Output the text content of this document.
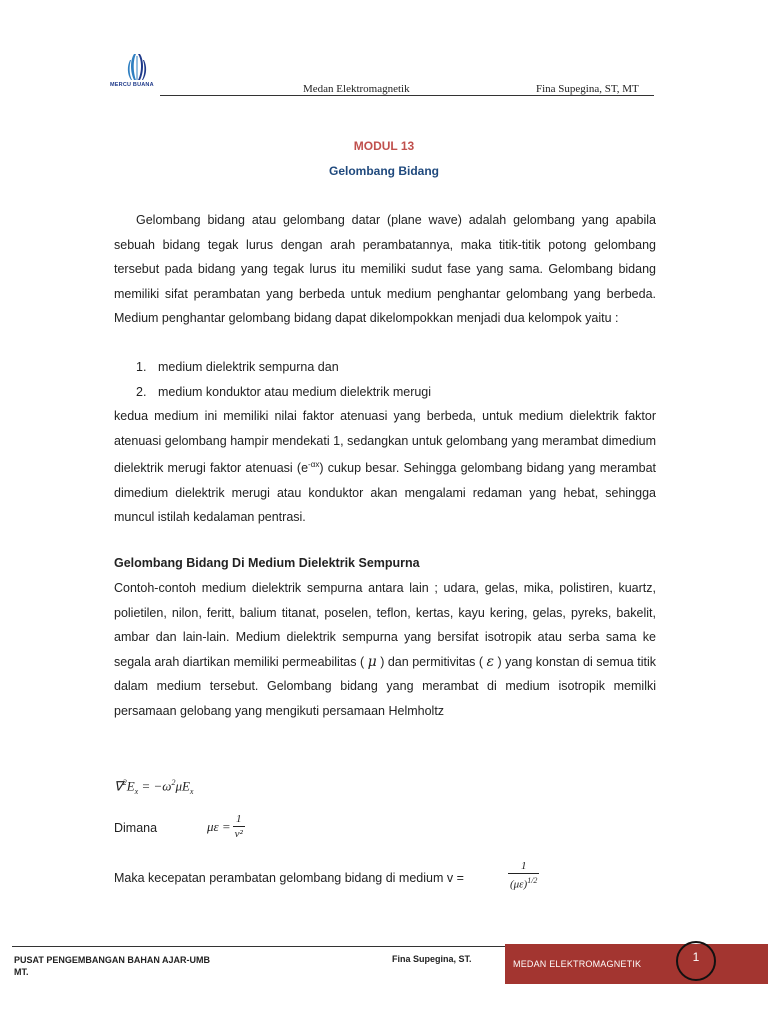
MERCU BUANA	Medan Elektromagnetik	Fina Supegina, ST, MT
MODUL 13
Gelombang Bidang

Gelombang bidang atau gelombang datar (plane wave) adalah gelombang yang apabila sebuah bidang tegak lurus dengan arah perambatannya, maka titik-titik potong gelombang tersebut pada bidang yang tegak lurus itu memiliki sudut fase yang sama. Gelombang bidang memiliki sifat perambatan yang berbeda untuk medium penghantar gelombang yang berbeda. Medium penghantar gelombang bidang dapat dikelompokkan menjadi dua kelompok yaitu :

1. medium dielektrik sempurna dan
2. medium konduktor atau medium dielektrik merugi

kedua medium ini memiliki nilai faktor atenuasi yang berbeda, untuk medium dielektrik faktor atenuasi gelombang hampir mendekati 1, sedangkan untuk gelombang yang merambat dimedium dielektrik merugi faktor atenuasi $(e^{-\alpha x})$ cukup besar. Sehingga gelombang bidang yang merambat dimedium dielektrik merugi atau konduktor akan mengalami redaman yang hebat, sehingga muncul istilah kedalaman pentrasi.

Gelombang Bidang Di Medium Dielektrik Sempurna

Contoh-contoh medium dielektrik sempurna antara lain ; udara, gelas, mika, polistiren, kuartz, polietilen, nilon, feritt, balium titanat, poselen, teflon, kertas, kayu kering, gelas, pyreks, bakelit, ambar dan lain-lain. Medium dielektrik sempurna yang bersifat isotropik atau serba sama ke segala arah diartikan memiliki permeabilitas ( μ ) dan permitivitas ( ε ) yang konstan di semua titik dalam medium tersebut. Gelombang bidang yang merambat di medium isotropik memilki persamaan gelobang yang mengikuti persamaan Helmholtz

$\nabla^2E_x = -\omega^2\mu E_x$
Dimana	$\mu\varepsilon = \frac{1}{\text{v²}}$
Maka kecepatan perambatan gelombang bidang di medium v =	$\frac{1}{(\mu\varepsilon)^{1/2}}$
PUSAT PENGEMBANGAN BAHAN AJAR-UMB
MT.
Fina Supegina, ST.	MEDAN ELEKTROMAGNETIK	1
